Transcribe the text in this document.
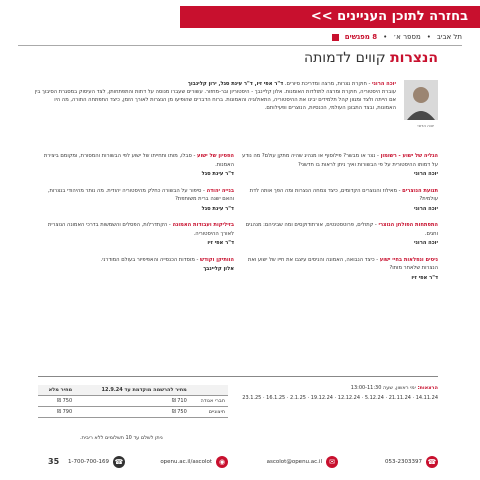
בחזרה לתוכן העניינים >>
תל אביב
•
מספר א׳
•
8 מפגשים
הנצרות קווים לדמותה
יוכה הרוני
יוכה הרוני - חוקרת נצרות, מרצה ומדריכת סיורים. ד"ר אפי זיו, ד"ר עינת סגל, ירון קלינבוך
עוברת היסטוריה, חוקרת ומרצה לתולדות האומנות. אלון קליינבך - היסטוריון ובר-מחזור. עשורים שעברו מנוסה על דתות והתפתחותן, לצד העיסוק במסגרת הסיבוך בין אם הייתה ולצד ומגוון קהל תלמידים יבינו את ההיסטוריה, התאולוגיה והאמונות. ברוח הדברים שהופיעו מן הנצרות לאורך הזמן, כיצד התפתחה התורה, מה היו האמונות, ובצד התבונן העולמי, הכנסיות, הנוצרים ופעילותם.
הגליה של ישוע - רשומון - נצר או מבשר? פילוסוף או מנהיג שהיה מתקן עולם? מה נודע על דמותו ההיסטורית על פי הבשורות ואיך ניתן לראות בו חדשני?
יוכה הרוני
תנועת הנוצרים - מאילוז והנוצרים הקדומים, כיצד צמחה הנצרות ומה הפך אותה לדת עולמית?
יוכה הרוני
התפתחות הפולחן הנוצרי - קתולים, פרוטסטנטים, אורתודוקסים ומה שביניהם: מנהגים וחגים.
יוכה הרוני
ניסים ונפלאות בחיי ישוע - כיצד הנבואה, האמונה והניסים עיצבו את חייו של ישוע ואת הנצרות שלאחר מותו?
ד"ר אפי זיו
הפסיון של ישוע - סבלו, מותו ותחייתו של ישוע לפי הבשורות והמסורת, ומקומם ביצירת האמנות.
ד"ר עינת סגל
בנייה יהודה - סיפור על הבשורה כחלק מהיסטוריה יהודית. מה נותר מהיהודי בנצרות, והאם ישנה ברית משותפת?
ד"ר עינת סגל
בזיליקות ועבודות האמונה - הקתדרלות, הפסלים והשמשות בדרכי האמונה הנוצרית לאורך ההיסטוריה.
ד"ר אפי זיו
הוותיקן וקודש - מוסדות הכנסייה והאפיפיור בעולם המודרני.
אלון קליינבך
הרצאות: ימי ראשון, שעה 13:00-11:30
14.11.24 · 21.11.24 · 5.12.24 · 12.12.24 · 19.12.24 · 2.1.25 · 16.1.25 · 23.1.25
	מחיר להרשמה מוקדמת עד 12.9.24	מחיר מלא
חברי אגודה	710 ₪	750 ₪
חיצוניים	750 ₪	790 ₪
ניתן לשלם עד 10 תשלומים ללא ריבית.
☎
053-2303397
✉
ascolot@openu.ac.il
◉
openu.ac.il/ascolot
☎
1-700-700-169
35
